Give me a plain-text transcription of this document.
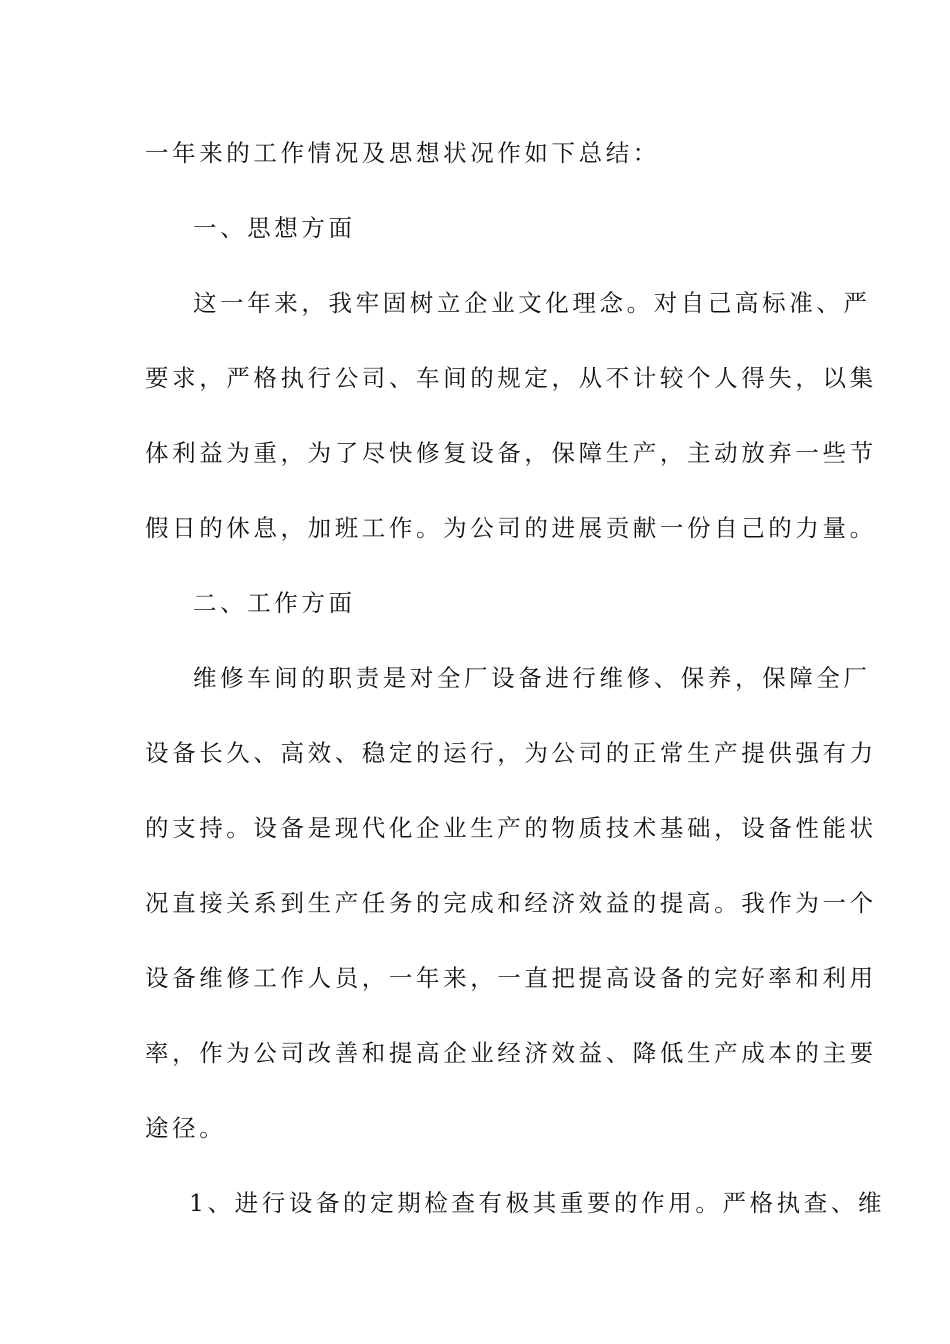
一年来的工作情况及思想状况作如下总结：
一、思想方面
这一年来，我牢固树立企业文化理念。对自己高标准、严
要求，严格执行公司、车间的规定，从不计较个人得失，以集
体利益为重，为了尽快修复设备，保障生产，主动放弃一些节
假日的休息，加班工作。为公司的进展贡献一份自己的力量。
二、工作方面
维修车间的职责是对全厂设备进行维修、保养，保障全厂
设备长久、高效、稳定的运行，为公司的正常生产提供强有力
的支持。设备是现代化企业生产的物质技术基础，设备性能状
况直接关系到生产任务的完成和经济效益的提高。我作为一个
设备维修工作人员，一年来，一直把提高设备的完好率和利用
率，作为公司改善和提高企业经济效益、降低生产成本的主要
途径。
1、进行设备的定期检查有极其重要的作用。严格执查、维
